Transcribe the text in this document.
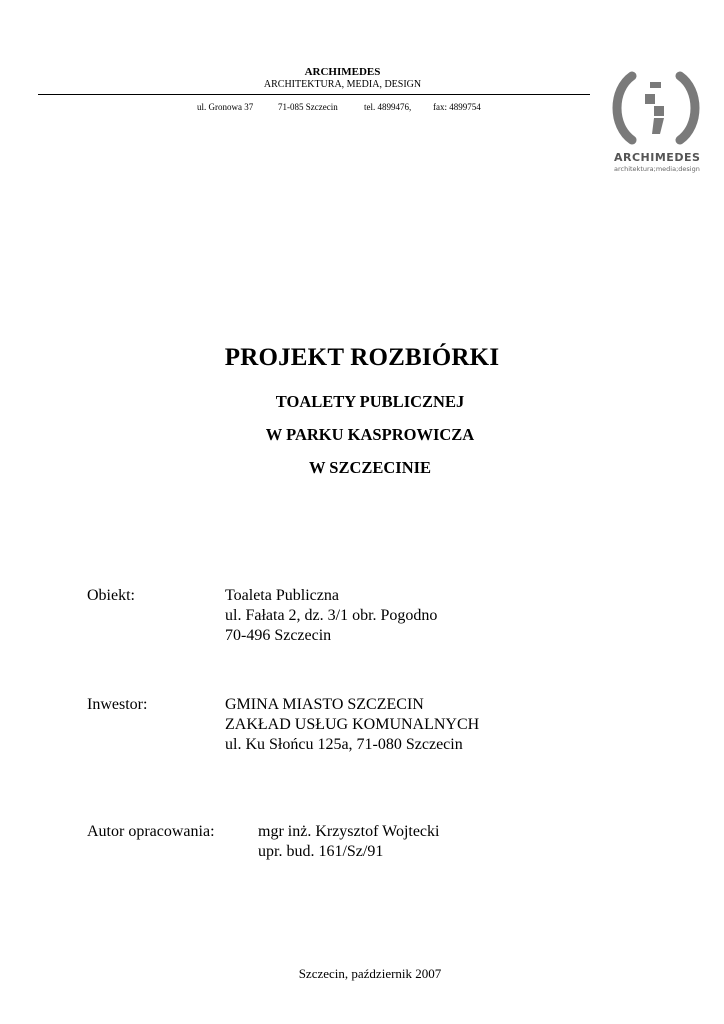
ARCHIMEDES
ARCHITEKTURA, MEDIA, DESIGN
ul. Gronowa 37	71-085 Szczecin	tel. 4899476, fax: 4899754
ARCHIMEDES
architektura;media;design
PROJEKT ROZBIÓRKI
TOALETY PUBLICZNEJ
W PARKU KASPROWICZA
W SZCZECINIE
Obiekt:	Toaleta Publiczna
ul. Fałata 2, dz. 3/1 obr. Pogodno
70-496 Szczecin
Inwestor:	GMINA MIASTO SZCZECIN
ZAKŁAD USŁUG KOMUNALNYCH
ul. Ku Słońcu 125a, 71-080 Szczecin
Autor opracowania:	mgr inż. Krzysztof Wojtecki
upr. bud. 161/Sz/91
Szczecin, październik 2007
